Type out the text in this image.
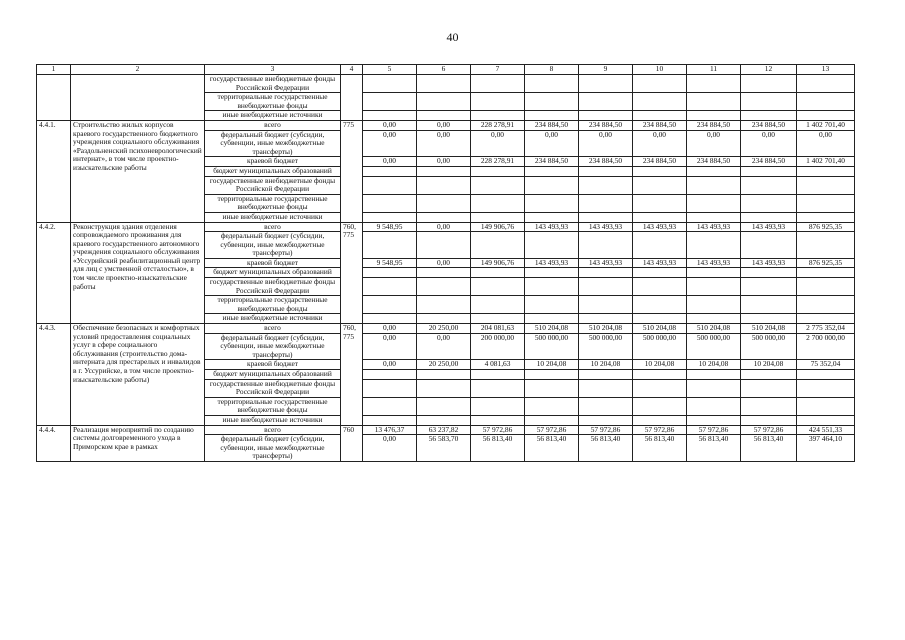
40
1	2	3	4	5	6	7	8	9	10	11	12	13
		государственные внебюджетные фонды Российской Федерации										
		территориальные государственные внебюджетные фонды										
		иные внебюджетные источники										
4.4.1.	Строительство жилых корпусов краевого государственного бюджетного учреждения социального обслуживания «Раздольненский психоневрологический интернат», в том числе проектно-изыскательские работы	всего	775	0,00	0,00	228 278,91	234 884,50	234 884,50	234 884,50	234 884,50	234 884,50	1 402 701,40
		федеральный бюджет (субсидии, субвенции, иные межбюджетные трансферты)		0,00	0,00	0,00	0,00	0,00	0,00	0,00	0,00	0,00
		краевой бюджет		0,00	0,00	228 278,91	234 884,50	234 884,50	234 884,50	234 884,50	234 884,50	1 402 701,40
		бюджет муниципальных образований										
		государственные внебюджетные фонды Российской Федерации										
		территориальные государственные внебюджетные фонды										
		иные внебюджетные источники										
4.4.2.	Реконструкция здания отделения сопровождаемого проживания для краевого государственного автономного учреждения социального обслуживания «Уссурийский реабилитационный центр для лиц с умственной отсталостью», в том числе проектно-изыскательские работы	всего	760, 775	9 548,95	0,00	149 906,76	143 493,93	143 493,93	143 493,93	143 493,93	143 493,93	876 925,35
		федеральный бюджет (субсидии, субвенции, иные межбюджетные трансферты)										
		краевой бюджет		9 548,95	0,00	149 906,76	143 493,93	143 493,93	143 493,93	143 493,93	143 493,93	876 925,35
		бюджет муниципальных образований										
		государственные внебюджетные фонды Российской Федерации										
		территориальные государственные внебюджетные фонды										
		иные внебюджетные источники										
4.4.3.	Обеспечение безопасных и комфортных условий предоставления социальных услуг в сфере социального обслуживания (строительство дома-интерната для престарелых и инвалидов в г. Уссурийске, в том числе проектно-изыскательские работы)	всего	760, 775	0,00	20 250,00	204 081,63	510 204,08	510 204,08	510 204,08	510 204,08	510 204,08	2 775 352,04
		федеральный бюджет (субсидии, субвенции, иные межбюджетные трансферты)		0,00	0,00	200 000,00	500 000,00	500 000,00	500 000,00	500 000,00	500 000,00	2 700 000,00
		краевой бюджет		0,00	20 250,00	4 081,63	10 204,08	10 204,08	10 204,08	10 204,08	10 204,08	75 352,04
		бюджет муниципальных образований										
		государственные внебюджетные фонды Российской Федерации										
		территориальные государственные внебюджетные фонды										
		иные внебюджетные источники										
4.4.4.	Реализация мероприятий по созданию системы долговременного ухода в Приморском крае в рамках	всего	760	13 476,37	63 237,82	57 972,86	57 972,86	57 972,86	57 972,86	57 972,86	57 972,86	424 551,33
		федеральный бюджет (субсидии, субвенции, иные межбюджетные трансферты)		0,00	56 583,70	56 813,40	56 813,40	56 813,40	56 813,40	56 813,40	56 813,40	397 464,10
